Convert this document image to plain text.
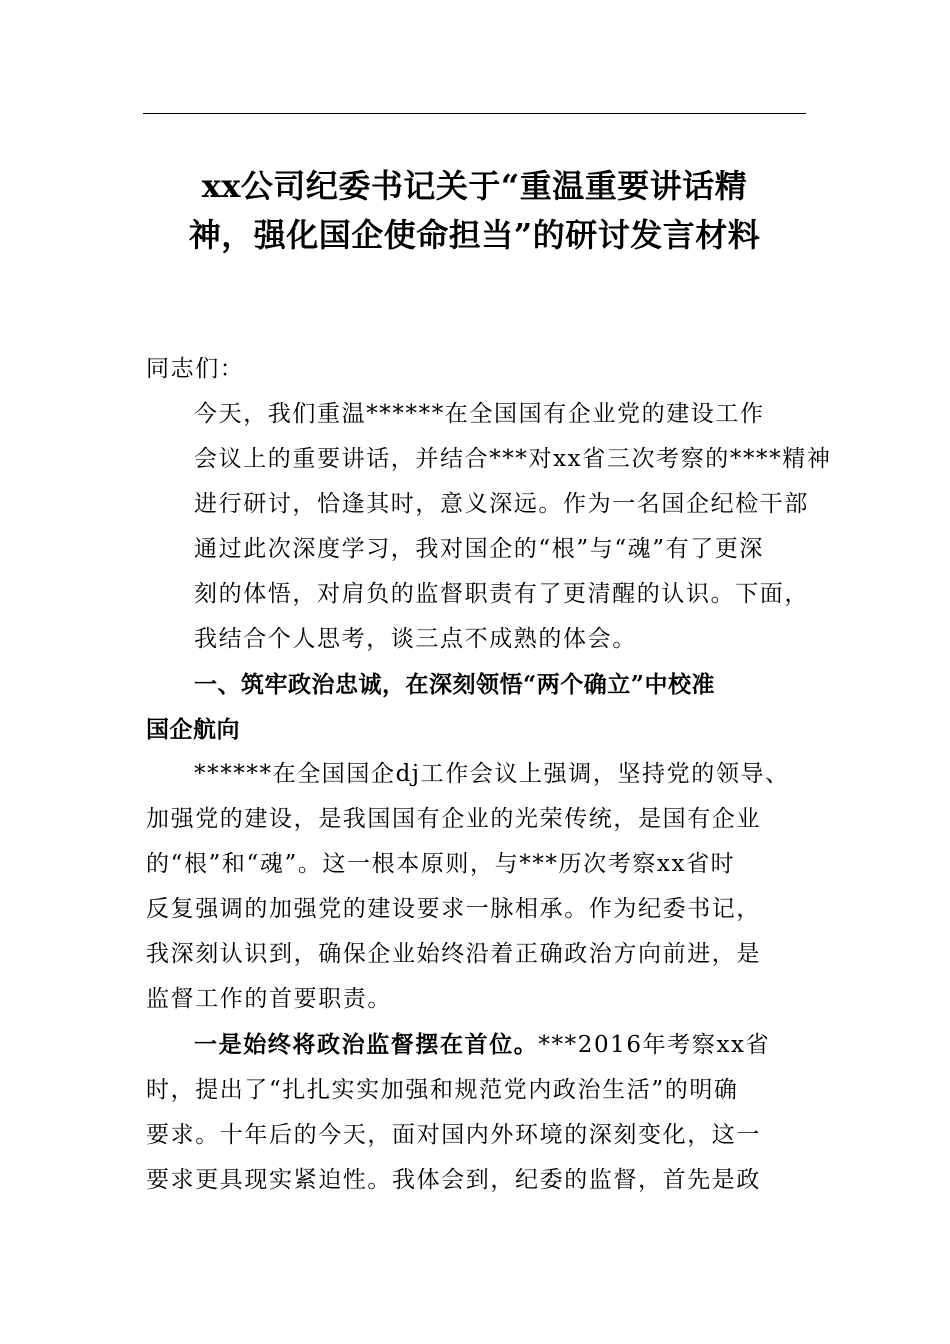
xx公司纪委书记关于“重温重要讲话精
神，强化国企使命担当”的研讨发言材料

同志们：

今天，我们重温******在全国国有企业党的建设工作
会议上的重要讲话，并结合***对xx省三次考察的****精神
进行研讨，恰逢其时，意义深远。作为一名国企纪检干部
通过此次深度学习，我对国企的“根”与“魂”有了更深
刻的体悟，对肩负的监督职责有了更清醒的认识。下面，
我结合个人思考，谈三点不成熟的体会。

一、筑牢政治忠诚，在深刻领悟“两个确立”中校准
国企航向

******在全国国企dj工作会议上强调，坚持党的领导、
加强党的建设，是我国国有企业的光荣传统，是国有企业
的“根”和“魂”。这一根本原则，与***历次考察xx省时
反复强调的加强党的建设要求一脉相承。作为纪委书记，
我深刻认识到，确保企业始终沿着正确政治方向前进，是
监督工作的首要职责。

一是始终将政治监督摆在首位。***2016年考察xx省
时，提出了“扎扎实实加强和规范党内政治生活”的明确
要求。十年后的今天，面对国内外环境的深刻变化，这一
要求更具现实紧迫性。我体会到，纪委的监督，首先是政
